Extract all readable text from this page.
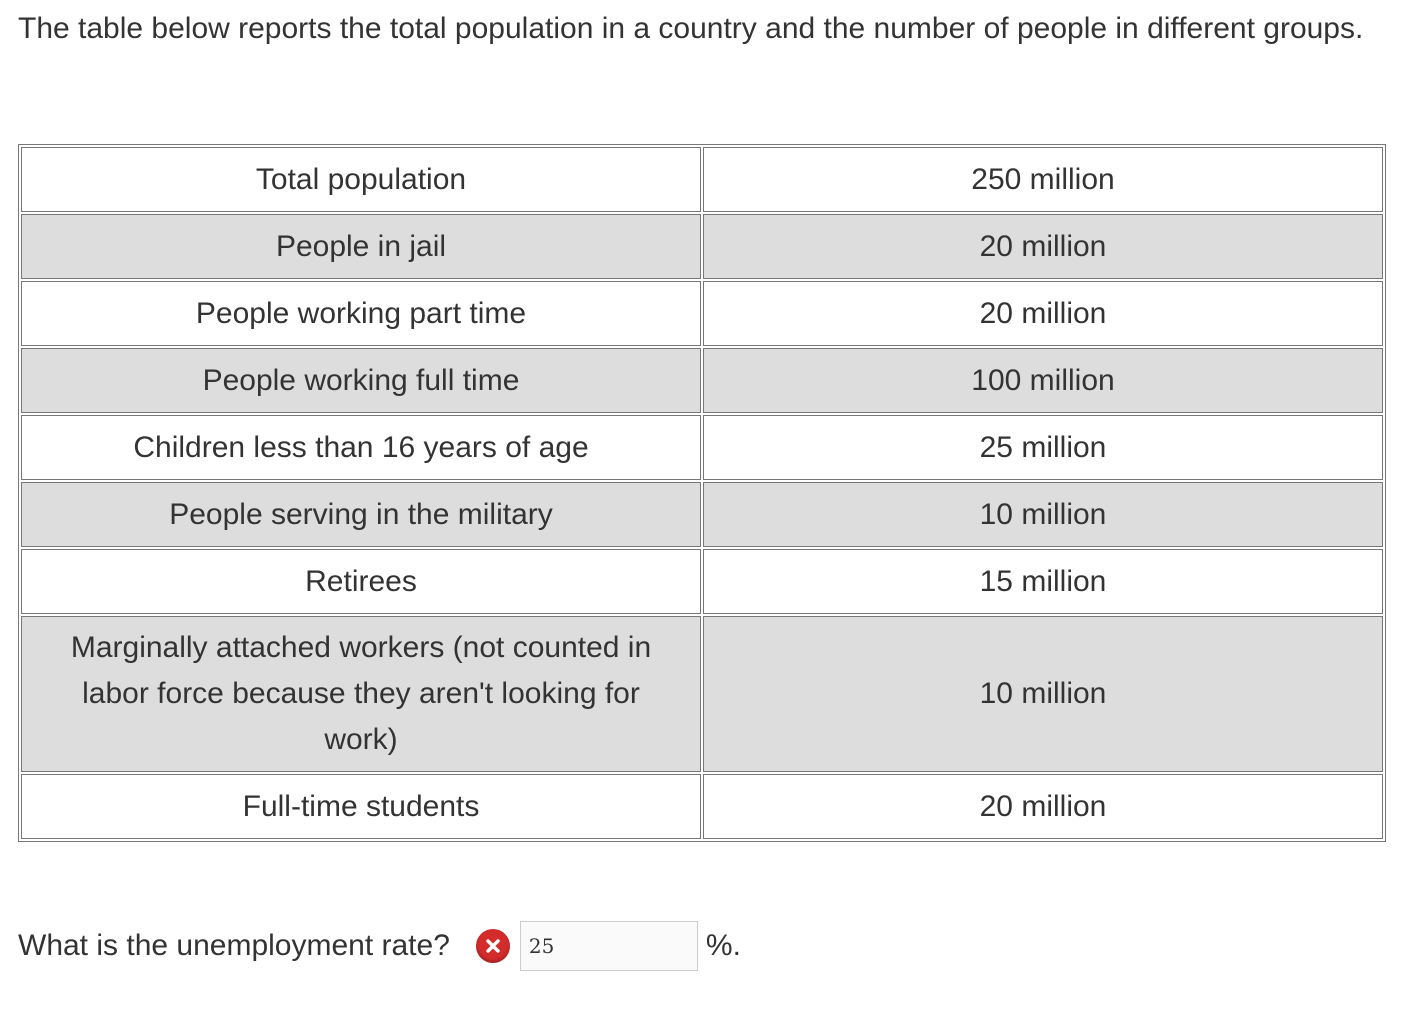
The table below reports the total population in a country and the number of people in different groups.

Total population	250 million
People in jail	20 million
People working part time	20 million
People working full time	100 million
Children less than 16 years of age	25 million
People serving in the military	10 million
Retirees	15 million
Marginally attached workers (not counted in labor force because they aren't looking for work)	10 million
Full-time students	20 million
What is the unemployment rate?
25	%.
